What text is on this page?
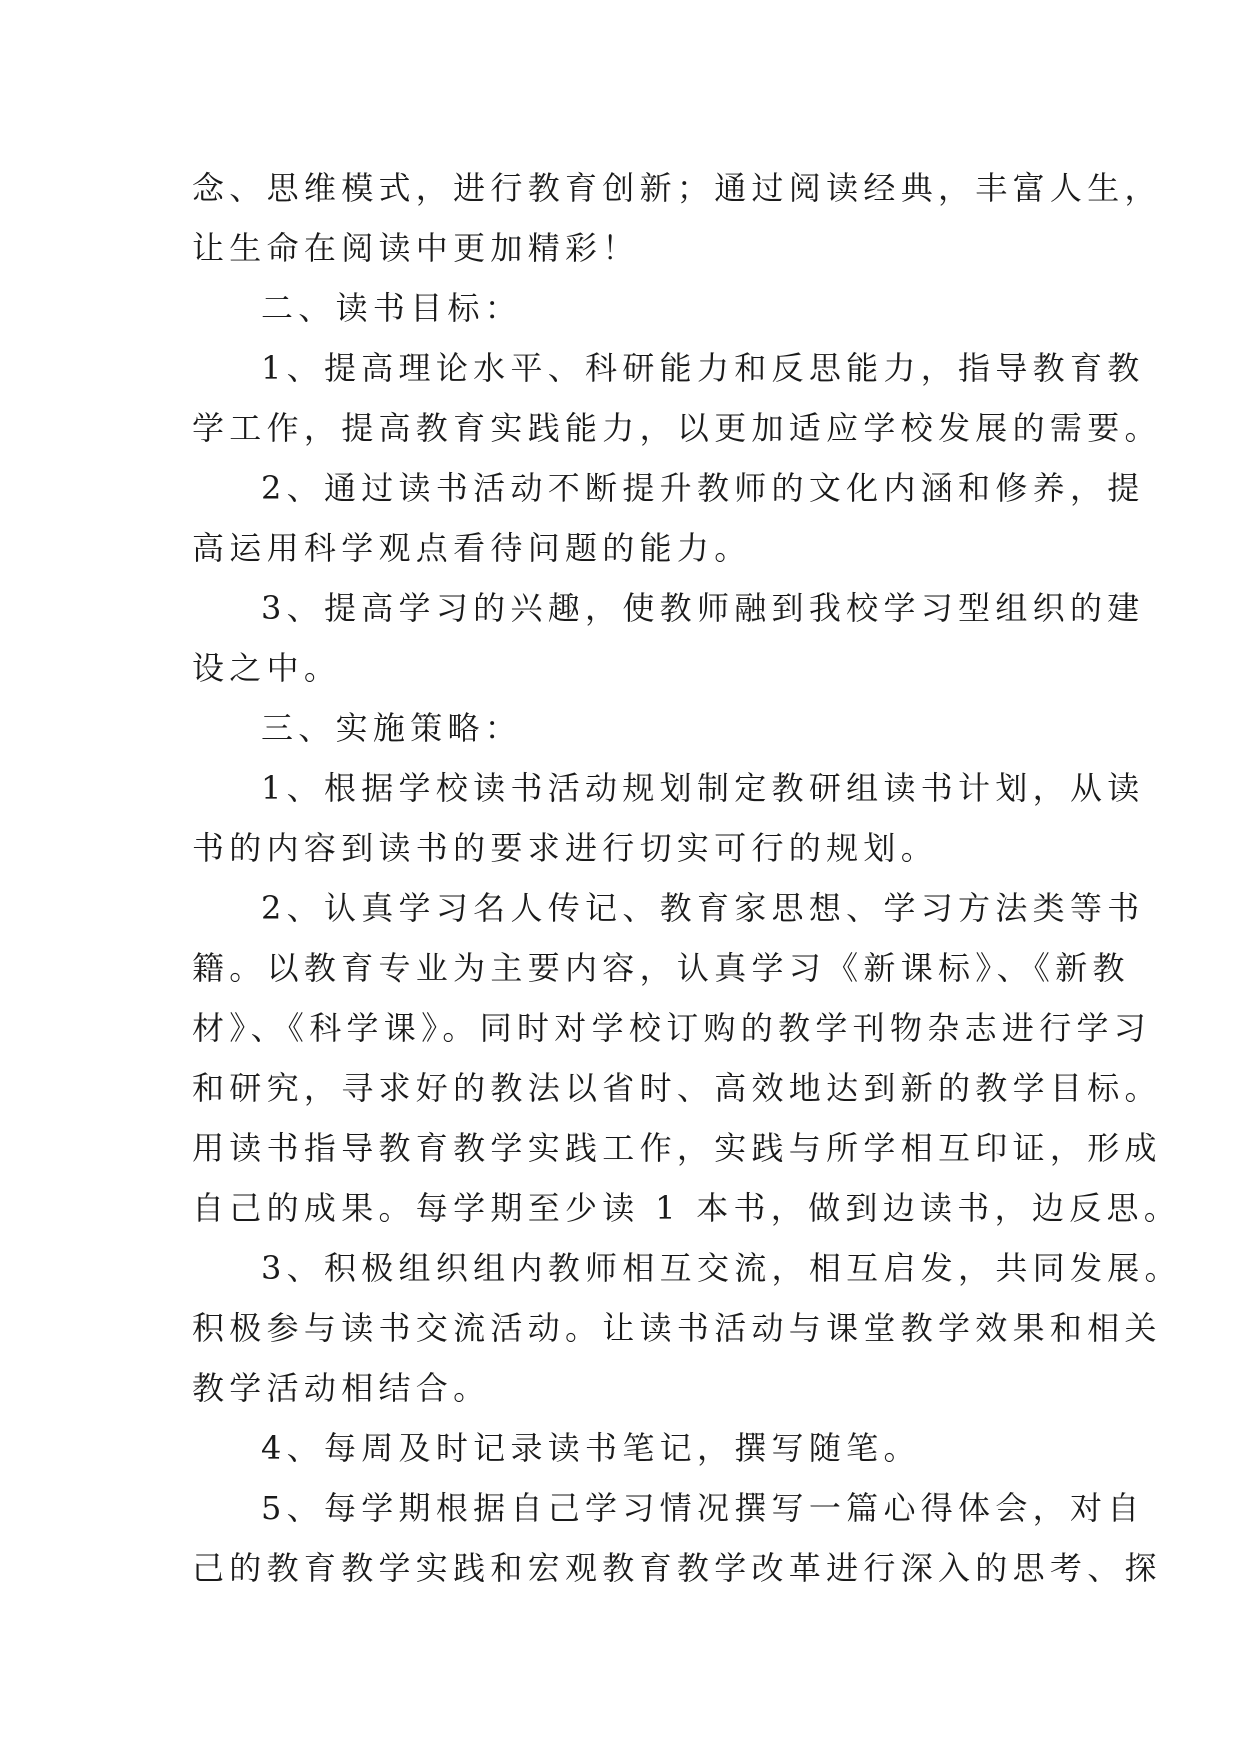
念、思维模式，进行教育创新；通过阅读经典，丰富人生，
让生命在阅读中更加精彩！
二、读书目标：
1、提高理论水平、科研能力和反思能力，指导教育教
学工作，提高教育实践能力，以更加适应学校发展的需要。
2、通过读书活动不断提升教师的文化内涵和修养，提
高运用科学观点看待问题的能力。
3、提高学习的兴趣，使教师融到我校学习型组织的建
设之中。
三、实施策略：
1、根据学校读书活动规划制定教研组读书计划，从读
书的内容到读书的要求进行切实可行的规划。
2、认真学习名人传记、教育家思想、学习方法类等书
籍。以教育专业为主要内容，认真学习《新课标》、《新教
材》、《科学课》。同时对学校订购的教学刊物杂志进行学习
和研究，寻求好的教法以省时、高效地达到新的教学目标。
用读书指导教育教学实践工作，实践与所学相互印证，形成
自己的成果。每学期至少读 1 本书，做到边读书，边反思。
3、积极组织组内教师相互交流，相互启发，共同发展。
积极参与读书交流活动。让读书活动与课堂教学效果和相关
教学活动相结合。
4、每周及时记录读书笔记，撰写随笔。
5、每学期根据自己学习情况撰写一篇心得体会，对自
己的教育教学实践和宏观教育教学改革进行深入的思考、探
